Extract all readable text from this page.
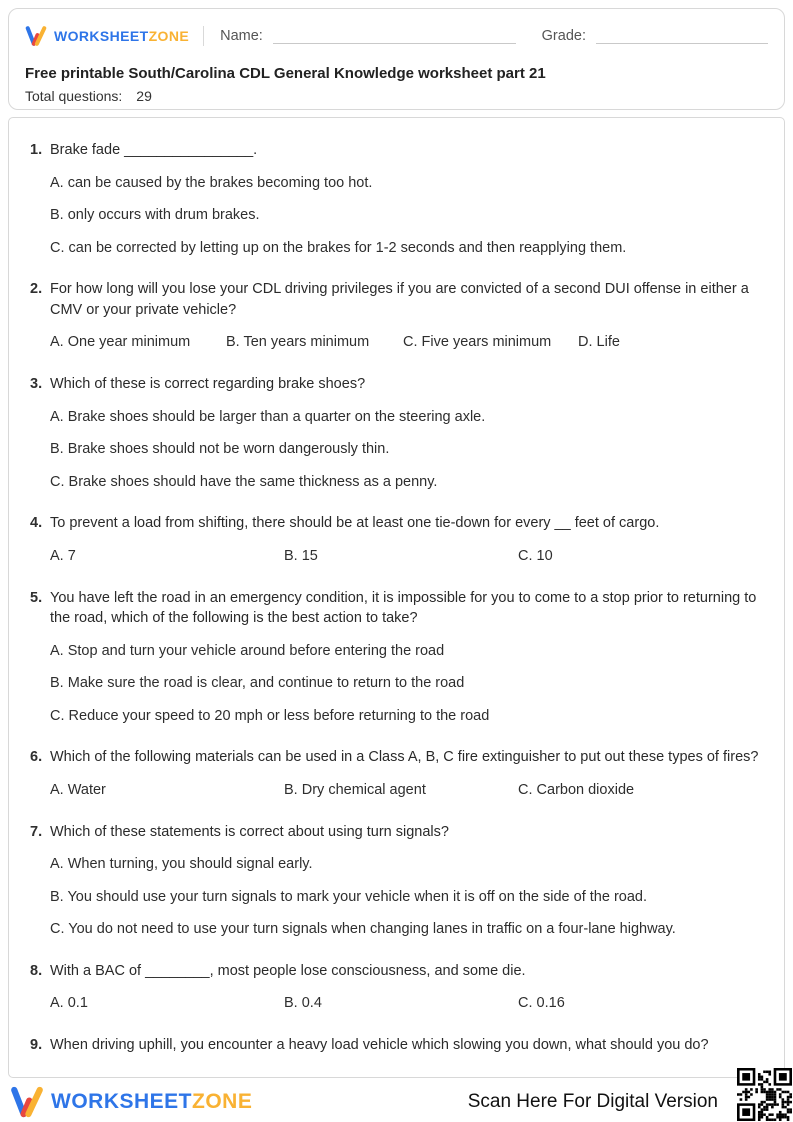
WORKSHEETZONE Name:	Grade:
Free printable South/Carolina CDL General Knowledge worksheet part 21
Total questions: 29
1. Brake fade ________________.
A. can be caused by the brakes becoming too hot.
B. only occurs with drum brakes.
C. can be corrected by letting up on the brakes for 1-2 seconds and then reapplying them.
2. For how long will you lose your CDL driving privileges if you are convicted of a second DUI offense in either a CMV or your private vehicle?
A. One year minimum	B. Ten years minimum	C. Five years minimum	D. Life
3. Which of these is correct regarding brake shoes?
A. Brake shoes should be larger than a quarter on the steering axle.
B. Brake shoes should not be worn dangerously thin.
C. Brake shoes should have the same thickness as a penny.
4. To prevent a load from shifting, there should be at least one tie-down for every __ feet of cargo.
A. 7	B. 15	C. 10
5. You have left the road in an emergency condition, it is impossible for you to come to a stop prior to returning to the road, which of the following is the best action to take?
A. Stop and turn your vehicle around before entering the road
B. Make sure the road is clear, and continue to return to the road
C. Reduce your speed to 20 mph or less before returning to the road
6. Which of the following materials can be used in a Class A, B, C fire extinguisher to put out these types of fires?
A. Water	B. Dry chemical agent	C. Carbon dioxide
7. Which of these statements is correct about using turn signals?
A. When turning, you should signal early.
B. You should use your turn signals to mark your vehicle when it is off on the side of the road.
C. You do not need to use your turn signals when changing lanes in traffic on a four-lane highway.
8. With a BAC of ________, most people lose consciousness, and some die.
A. 0.1	B. 0.4	C. 0.16
9. When driving uphill, you encounter a heavy load vehicle which slowing you down, what should you do?
WORKSHEETZONE	Scan Here For Digital Version
